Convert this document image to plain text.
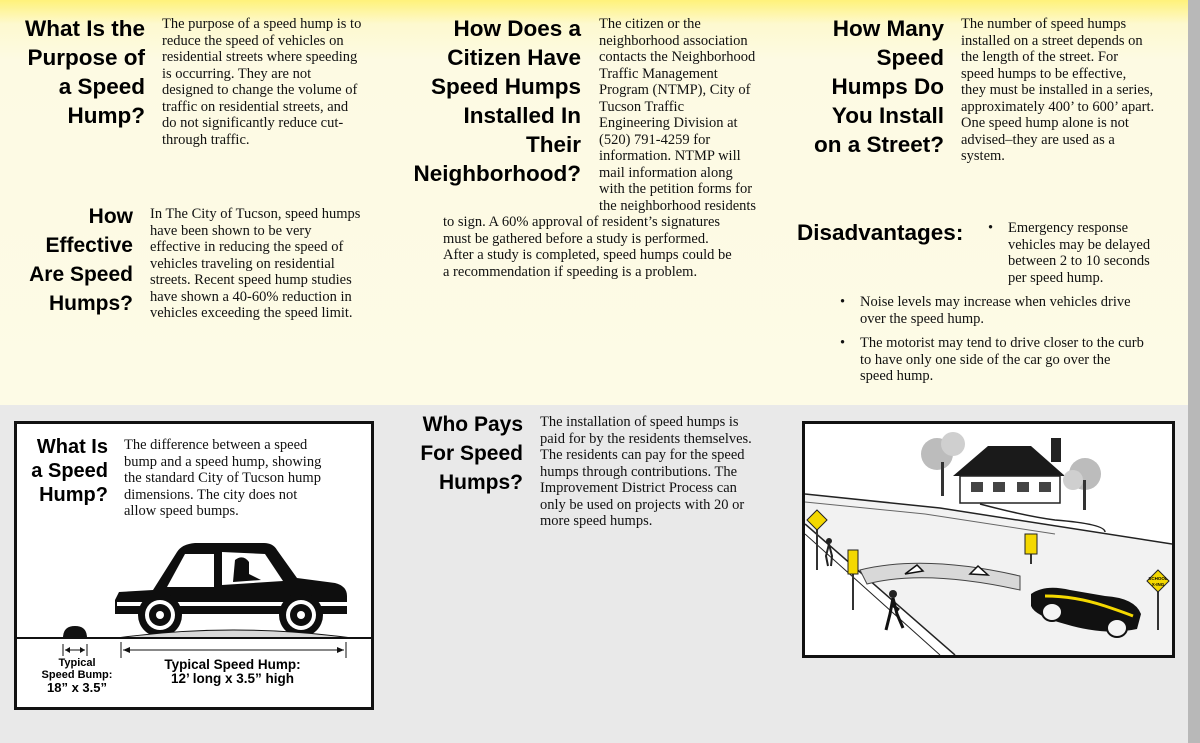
What Is the
Purpose of
a Speed
Hump?
The purpose of a speed hump is to
reduce the speed of vehicles on
residential streets where speeding
is occurring. They are not
designed to change the volume of
traffic on residential streets, and
do not significantly reduce cut-
through traffic.
How Does a
Citizen Have
Speed Humps
Installed In
Their
Neighborhood?
The citizen or the
neighborhood association
contacts the Neighborhood
Traffic Management
Program (NTMP), City of
Tucson Traffic
Engineering Division at
(520) 791-4259 for
information. NTMP will
mail information along
with the petition forms for
the neighborhood residents
to sign. A 60% approval of resident’s signatures
must be gathered before a study is performed.
After a study is completed, speed humps could be
a recommendation if speeding is a problem.
How Many
Speed
Humps Do
You Install
on a Street?
The number of speed humps
installed on a street depends on
the length of the street. For
speed humps to be effective,
they must be installed in a series,
approximately 400’ to 600’ apart.
One speed hump alone is not
advised–they are used as a
system.
How
Effective
Are Speed
Humps?
In The City of Tucson, speed humps
have been shown to be very
effective in reducing the speed of
vehicles traveling on residential
streets. Recent speed hump studies
have shown a 40-60% reduction in
vehicles exceeding the speed limit.
Disadvantages:
•	Emergency response
vehicles may be delayed
between 2 to 10 seconds
per speed hump.
• Noise levels may increase when vehicles drive
over the speed hump.
• The motorist may tend to drive closer to the curb
to have only one side of the car go over the
speed hump.
What Is
a Speed
Hump?
The difference between a speed
bump and a speed hump, showing
the standard City of Tucson hump
dimensions. The city does not
allow speed bumps.
Typical
Speed Bump:
18” x 3.5”
Typical Speed Hump:
12’ long x 3.5” high
Who Pays
For Speed
Humps?
The installation of speed humps is
paid for by the residents themselves.
The residents can pay for the speed
humps through contributions. The
Improvement District Process can
only be used on projects with 20 or
more speed humps.
SCHOOL
X-ING
